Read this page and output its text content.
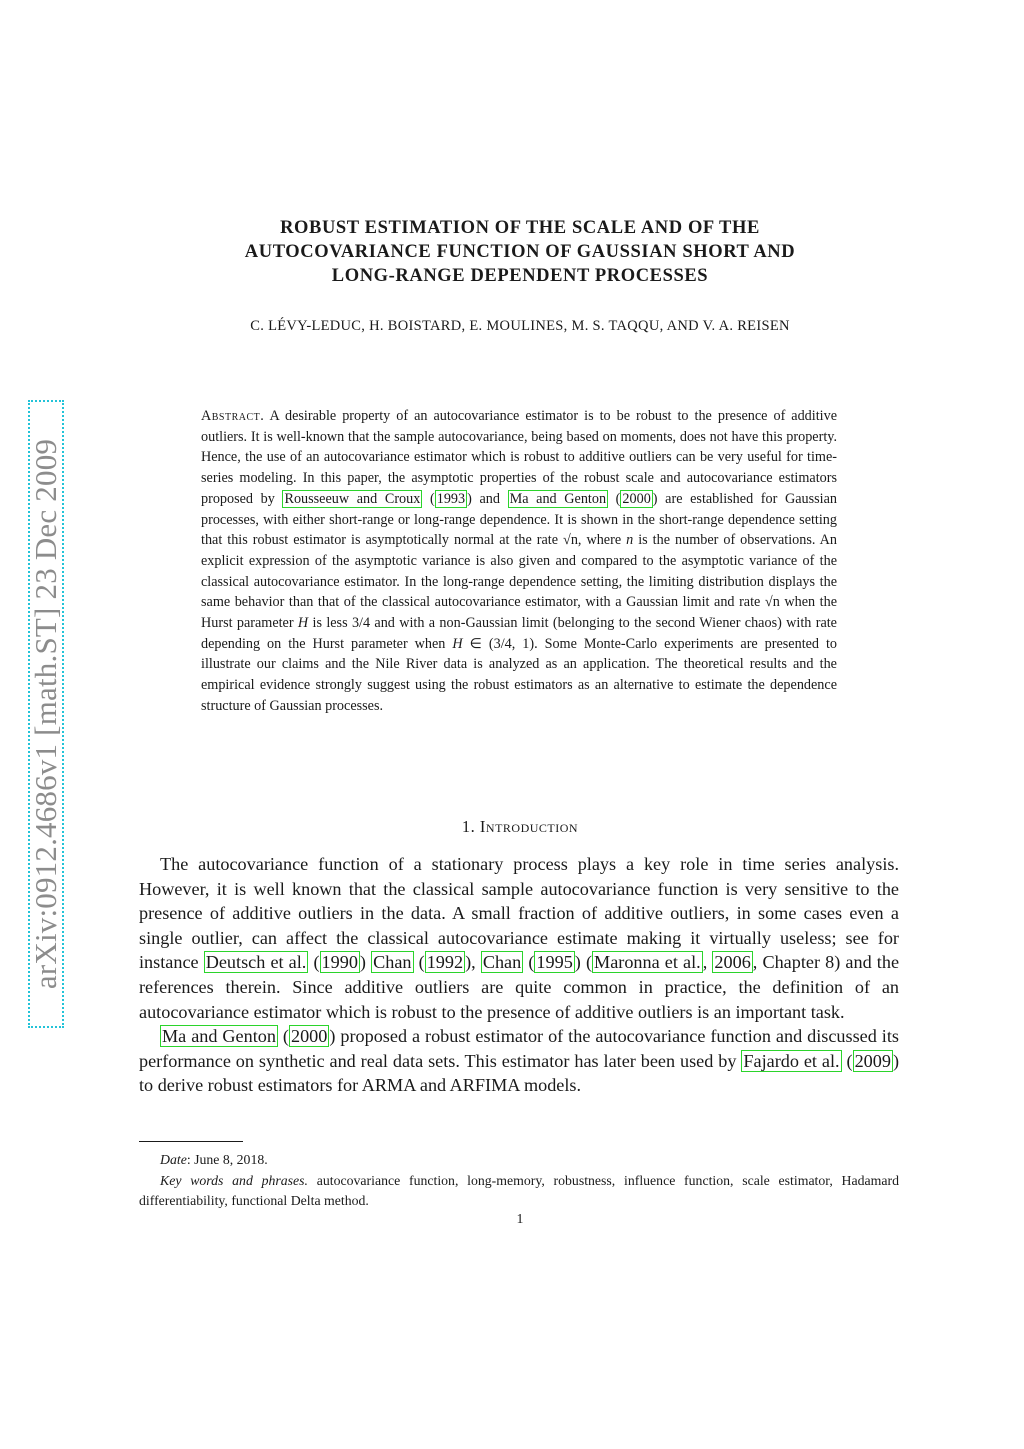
arXiv:0912.4686v1 [math.ST] 23 Dec 2009
ROBUST ESTIMATION OF THE SCALE AND OF THE
AUTOCOVARIANCE FUNCTION OF GAUSSIAN SHORT AND
LONG-RANGE DEPENDENT PROCESSES
C. LÉVY-LEDUC, H. BOISTARD, E. MOULINES, M. S. TAQQU, AND V. A. REISEN
Abstract. A desirable property of an autocovariance estimator is to be robust to the presence of additive outliers. It is well-known that the sample autocovariance, being based on moments, does not have this property. Hence, the use of an autocovariance estimator which is robust to additive outliers can be very useful for time-series modeling. In this paper, the asymptotic properties of the robust scale and autocovariance estimators proposed by Rousseeuw and Croux ( 1993 ) and Ma and Genton ( 2000 ) are established for Gaussian processes, with either short-range or long-range dependence. It is shown in the short-range dependence setting that this robust estimator is asymptotically normal at the rate √n, where n is the number of observations. An explicit expression of the asymptotic variance is also given and compared to the asymptotic variance of the classical autocovariance estimator. In the long-range dependence setting, the limiting distribution displays the same behavior than that of the classical autocovariance estimator, with a Gaussian limit and rate √n when the Hurst parameter H is less 3/4 and with a non-Gaussian limit (belonging to the second Wiener chaos) with rate depending on the Hurst parameter when H ∈ (3/4, 1). Some Monte-Carlo experiments are presented to illustrate our claims and the Nile River data is analyzed as an application. The theoretical results and the empirical evidence strongly suggest using the robust estimators as an alternative to estimate the dependence structure of Gaussian processes.
1. Introduction

The autocovariance function of a stationary process plays a key role in time series analysis. However, it is well known that the classical sample autocovariance function is very sensitive to the presence of additive outliers in the data. A small fraction of additive outliers, in some cases even a single outlier, can affect the classical autocovariance estimate making it virtually useless; see for instance Deutsch et al. ( 1990 ) Chan ( 1992 ), Chan ( 1995 ) ( Maronna et al. , 2006 , Chapter 8) and the references therein. Since additive outliers are quite common in practice, the definition of an autocovariance estimator which is robust to the presence of additive outliers is an important task.

Ma and Genton ( 2000 ) proposed a robust estimator of the autocovariance function and discussed its performance on synthetic and real data sets. This estimator has later been used by Fajardo et al. ( 2009 ) to derive robust estimators for ARMA and ARFIMA models.

Date: June 8, 2018.

Key words and phrases. autocovariance function, long-memory, robustness, influence function, scale estimator, Hadamard differentiability, functional Delta method.

1
